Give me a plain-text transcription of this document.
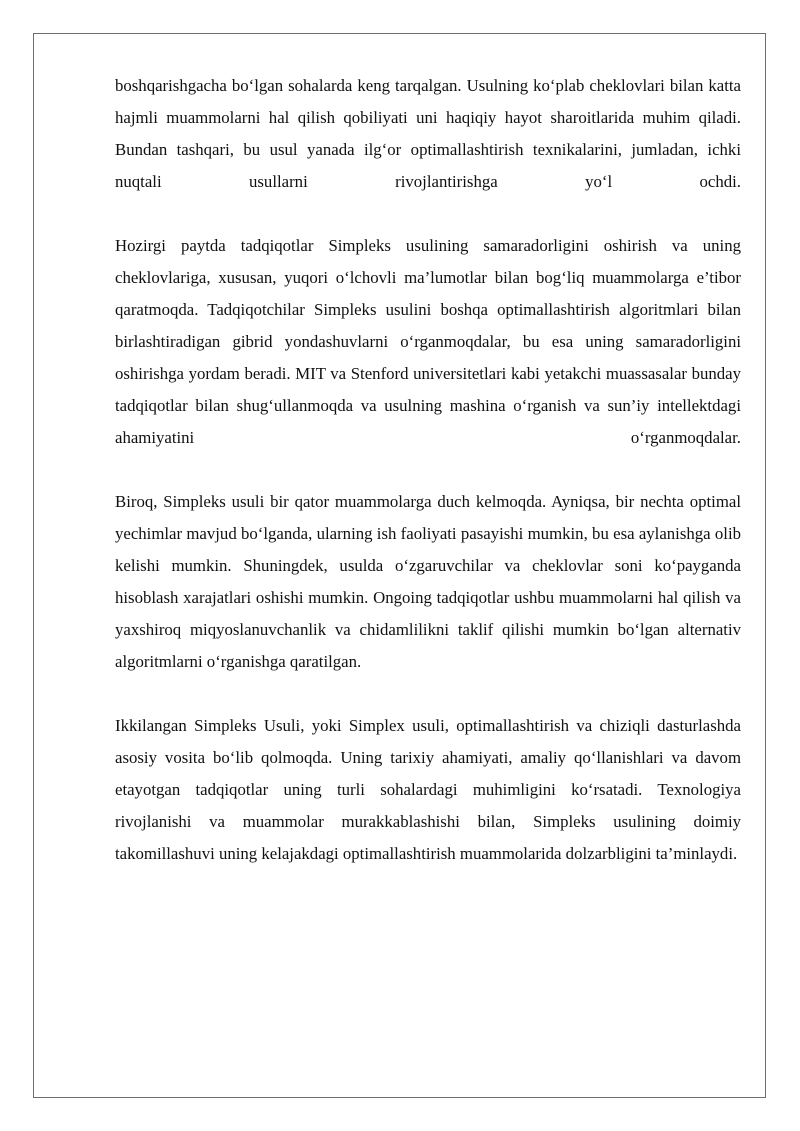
boshqarishgacha bo‘lgan sohalarda keng tarqalgan. Usulning ko‘plab cheklovlari bilan katta hajmli muammolarni hal qilish qobiliyati uni haqiqiy hayot sharoitlarida muhim qiladi. Bundan tashqari, bu usul yanada ilg‘or optimallashtirish texnikalarini, jumladan, ichki nuqtali usullarni rivojlantirishga yo‘l ochdi.

Hozirgi paytda tadqiqotlar Simpleks usulining samaradorligini oshirish va uning cheklovlariga, xususan, yuqori o‘lchovli ma’lumotlar bilan bog‘liq muammolarga e’tibor qaratmoqda. Tadqiqotchilar Simpleks usulini boshqa optimallashtirish algoritmlari bilan birlashtiradigan gibrid yondashuvlarni o‘rganmoqdalar, bu esa uning samaradorligini oshirishga yordam beradi. MIT va Stenford universitetlari kabi yetakchi muassasalar bunday tadqiqotlar bilan shug‘ullanmoqda va usulning mashina o‘rganish va sun’iy intellektdagi ahamiyatini o‘rganmoqdalar.

Biroq, Simpleks usuli bir qator muammolarga duch kelmoqda. Ayniqsa, bir nechta optimal yechimlar mavjud bo‘lganda, ularning ish faoliyati pasayishi mumkin, bu esa aylanishga olib kelishi mumkin. Shuningdek, usulda o‘zgaruvchilar va cheklovlar soni ko‘payganda hisoblash xarajatlari oshishi mumkin. Ongoing tadqiqotlar ushbu muammolarni hal qilish va yaxshiroq miqyoslanuvchanlik va chidamlilikni taklif qilishi mumkin bo‘lgan alternativ algoritmlarni o‘rganishga qaratilgan.

Ikkilangan Simpleks Usuli, yoki Simplex usuli, optimallashtirish va chiziqli dasturlashda asosiy vosita bo‘lib qolmoqda. Uning tarixiy ahamiyati, amaliy qo‘llanishlari va davom etayotgan tadqiqotlar uning turli sohalardagi muhimligini ko‘rsatadi. Texnologiya rivojlanishi va muammolar murakkablashishi bilan, Simpleks usulining doimiy takomillashuvi uning kelajakdagi optimallashtirish muammolarida dolzarbligini ta’minlaydi.
